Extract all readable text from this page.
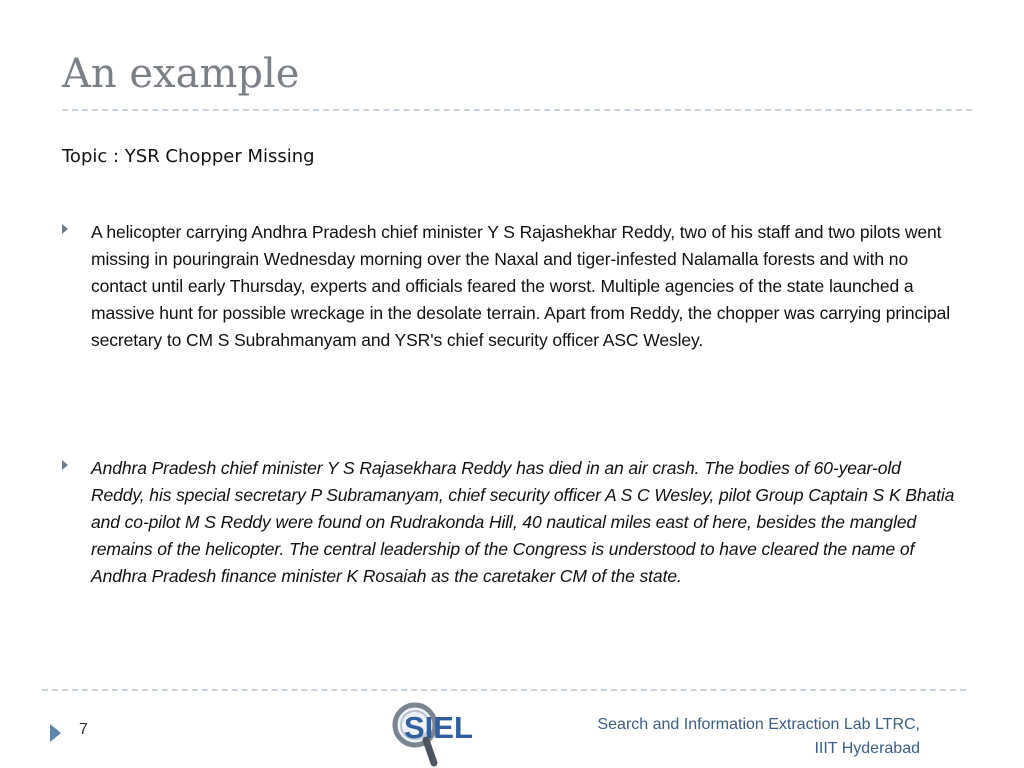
An example
Topic : YSR Chopper Missing
A helicopter carrying Andhra Pradesh chief minister Y S Rajashekhar Reddy, two of his staff and two pilots went missing in pouringrain Wednesday morning over the Naxal and tiger-infested Nalamalla forests and with no contact until early Thursday, experts and officials feared the worst. Multiple agencies of the state launched a massive hunt for possible wreckage in the desolate terrain. Apart from Reddy, the chopper was carrying principal secretary to CM S Subrahmanyam and YSR's chief security officer ASC Wesley.
Andhra Pradesh chief minister Y S Rajasekhara Reddy has died in an air crash. The bodies of 60-year-old Reddy, his special secretary P Subramanyam, chief security officer A S C Wesley, pilot Group Captain S K Bhatia and co-pilot M S Reddy were found on Rudrakonda Hill, 40 nautical miles east of here, besides the mangled remains of the helicopter. The central leadership of the Congress is understood to have cleared the name of Andhra Pradesh finance minister K Rosaiah as the caretaker CM of the state.
7	SIEL	Search and Information Extraction Lab LTRC,
IIIT Hyderabad
